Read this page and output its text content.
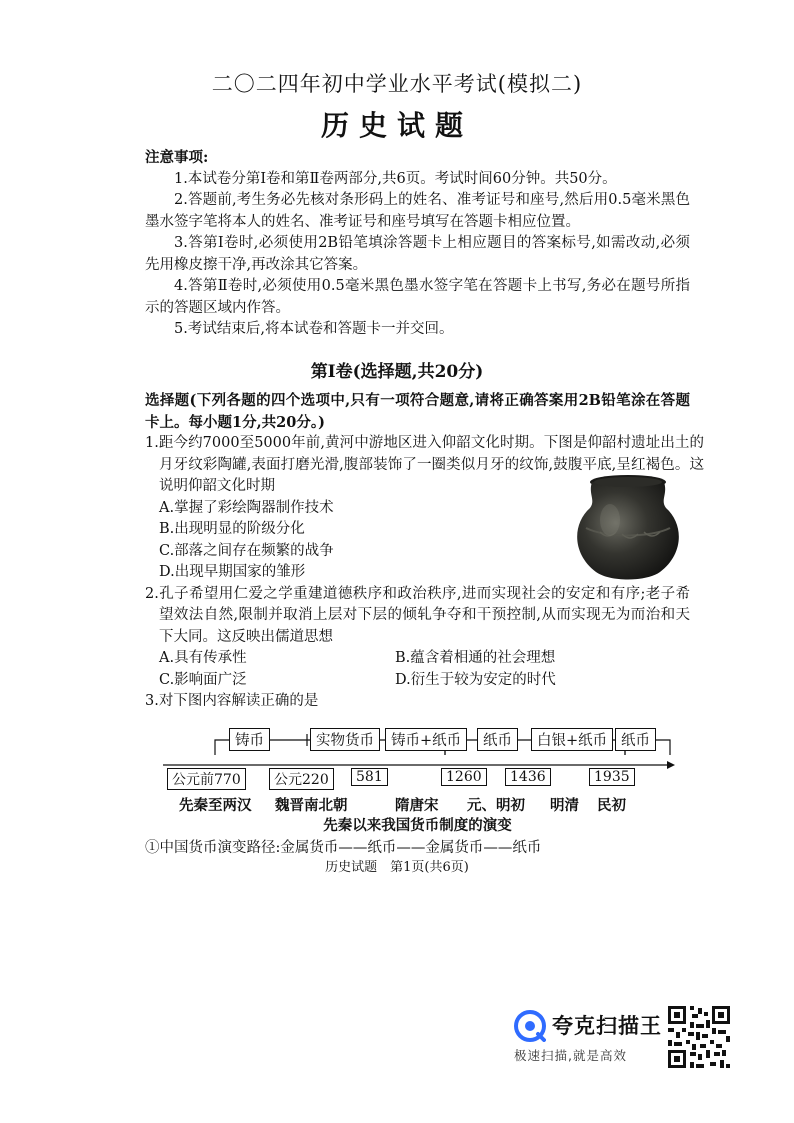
二〇二四年初中学业水平考试(模拟二)
历史试题
注意事项:
1.本试卷分第Ⅰ卷和第Ⅱ卷两部分,共6页。考试时间60分钟。共50分。
2.答题前,考生务必先核对条形码上的姓名、准考证号和座号,然后用0.5毫米黑色墨水签字笔将本人的姓名、准考证号和座号填写在答题卡相应位置。
3.答第Ⅰ卷时,必须使用2B铅笔填涂答题卡上相应题目的答案标号,如需改动,必须先用橡皮擦干净,再改涂其它答案。
4.答第Ⅱ卷时,必须使用0.5毫米黑色墨水签字笔在答题卡上书写,务必在题号所指示的答题区域内作答。
5.考试结束后,将本试卷和答题卡一并交回。
第Ⅰ卷(选择题,共20分)
选择题(下列各题的四个选项中,只有一项符合题意,请将正确答案用2B铅笔涂在答题卡上。每小题1分,共20分。)
1.距今约7000至5000年前,黄河中游地区进入仰韶文化时期。下图是仰韶村遗址出土的月牙纹彩陶罐,表面打磨光滑,腹部装饰了一圈类似月牙的纹饰,鼓腹平底,呈红褐色。这说明仰韶文化时期
A.掌握了彩绘陶器制作技术
B.出现明显的阶级分化
C.部落之间存在频繁的战争
D.出现早期国家的雏形
2.孔子希望用仁爱之学重建道德秩序和政治秩序,进而实现社会的安定和有序;老子希望效法自然,限制并取消上层对下层的倾轧争夺和干预控制,从而实现无为而治和天下大同。这反映出儒道思想
A.具有传承性	B.蕴含着相通的社会理想
C.影响面广泛	D.衍生于较为安定的时代
3.对下图内容解读正确的是
铸币	实物货币	铸币+纸币	纸币	白银+纸币 纸币
公元前770	公元220	581	1260	1436	1935
先秦至两汉 魏晋南北朝	隋唐宋 元、明初 明清 民初
先秦以来我国货币制度的演变
①中国货币演变路径:金属货币——纸币——金属货币——纸币
历史试题　第1页(共6页)
夸克扫描王
极速扫描,就是高效
